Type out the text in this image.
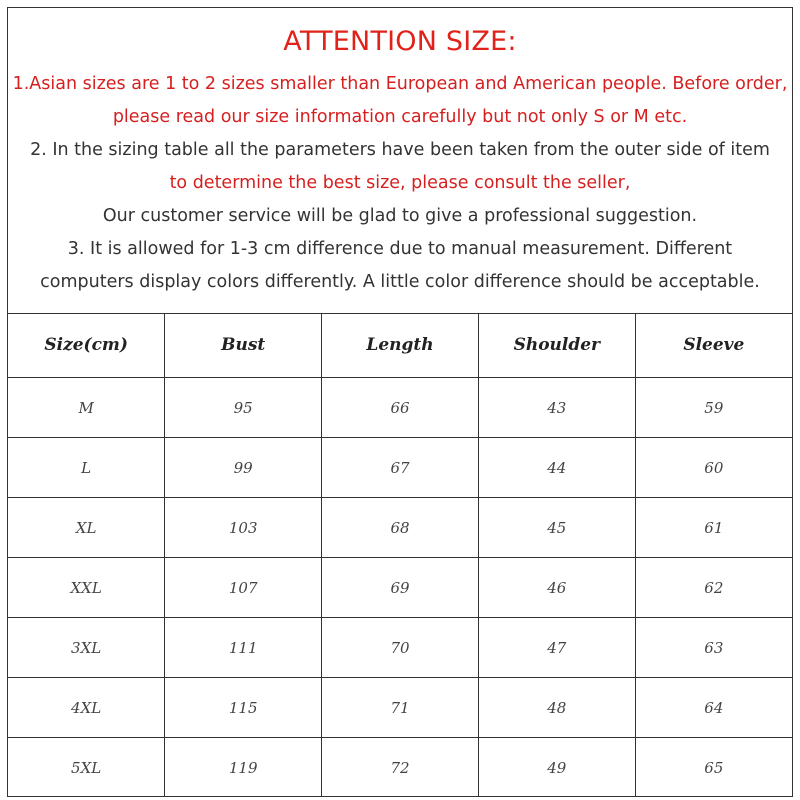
ATTENTION SIZE:
1.Asian sizes are 1 to 2 sizes smaller than European and American people. Before order,
please read our size information carefully but not only S or M etc.
2. In the sizing table all the parameters have been taken from the outer side of item
to determine the best size, please consult the seller,
Our customer service will be glad to give a professional suggestion.
3. It is allowed for 1-3 cm difference due to manual measurement. Different
computers display colors differently. A little color difference should be acceptable.
Size(cm)	Bust	Length	Shoulder	Sleeve
M	95	66	43	59
L	99	67	44	60
XL	103	68	45	61
XXL	107	69	46	62
3XL	111	70	47	63
4XL	115	71	48	64
5XL	119	72	49	65
